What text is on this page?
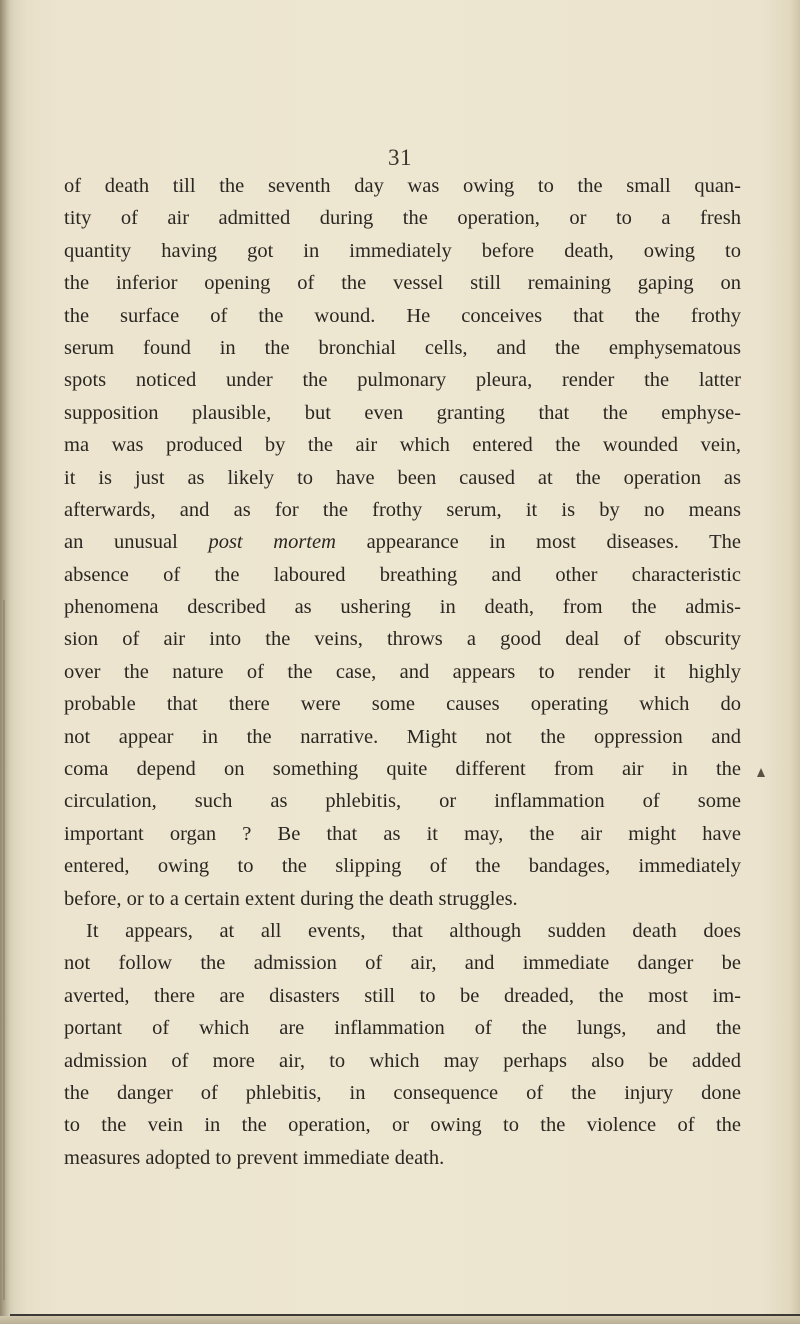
31
of death till the seventh day was owing to the small quan-
tity of air admitted during the operation, or to a fresh
quantity having got in immediately before death, owing to
the inferior opening of the vessel still remaining gaping on
the surface of the wound. He conceives that the frothy
serum found in the bronchial cells, and the emphysematous
spots noticed under the pulmonary pleura, render the latter
supposition plausible, but even granting that the emphyse-
ma was produced by the air which entered the wounded vein,
it is just as likely to have been caused at the operation as
afterwards, and as for the frothy serum, it is by no means
an unusual post mortem appearance in most diseases. The
absence of the laboured breathing and other characteristic
phenomena described as ushering in death, from the admis-
sion of air into the veins, throws a good deal of obscurity
over the nature of the case, and appears to render it highly
probable that there were some causes operating which do
not appear in the narrative. Might not the oppression and
coma depend on something quite different from air in the
circulation, such as phlebitis, or inflammation of some
important organ ? Be that as it may, the air might have
entered, owing to the slipping of the bandages, immediately
before, or to a certain extent during the death struggles.
It appears, at all events, that although sudden death does
not follow the admission of air, and immediate danger be
averted, there are disasters still to be dreaded, the most im-
portant of which are inflammation of the lungs, and the
admission of more air, to which may perhaps also be added
the danger of phlebitis, in consequence of the injury done
to the vein in the operation, or owing to the violence of the
measures adopted to prevent immediate death.
